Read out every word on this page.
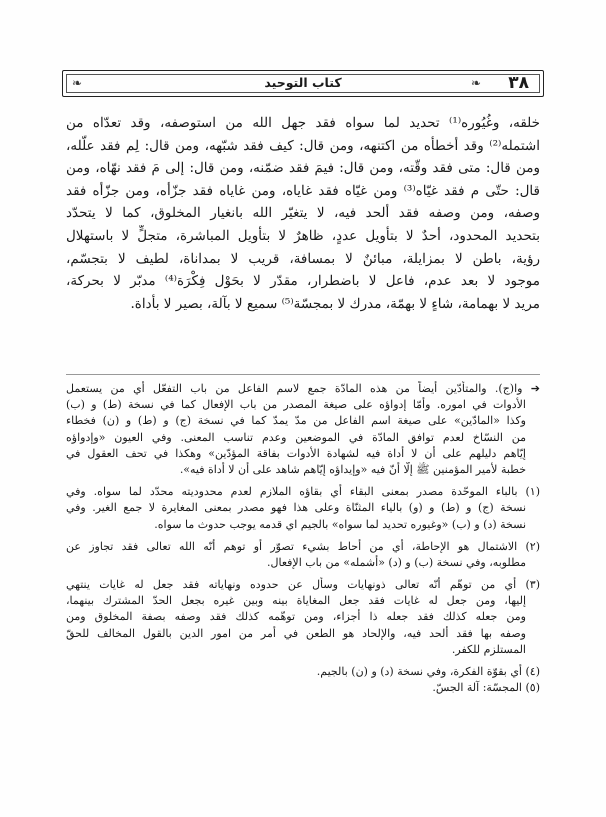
❧	❧
كتاب التوحيد	٣٨
خلقه، وغُيُوره⁽¹⁾ تحديد لما سواه فقد جهل الله من استوصفه، وقد تعدّاه من
اشتمله⁽²⁾ وقد أخطأه من اكتنهه، ومن قال: كيف فقد شبّهه، ومن قال: لِم فقد علّله،
ومن قال: متى فقد وقّته، ومن قال: فيمَ فقد ضمّنه، ومن قال: إلى مَ فقد نهّاه، ومن
قال: حتّى م فقد غيّاه⁽³⁾ ومن غيّاه فقد غاياه، ومن غاياه فقد جزّأه، ومن جزّأه فقد
وصفه، ومن وصفه فقد ألحد فيه، لا يتغيّر الله بانغيار المخلوق، كما لا يتحدّد
بتحديد المحدود، أحدٌ لا بتأويل عددٍ، ظاهرٌ لا بتأويل المباشرة، متجلٍّ لا باستهلال
رؤية، باطن لا بمزايلة، مبائنٌ لا بمسافة، قريب لا بمداناة، لطيف لا بتجسّم،
موجود لا بعد عدم، فاعل لا باضطرار، مقدّر لا بحَوْل فِكْرَة⁽⁴⁾ مدبّر لا بحركة،
مريد لا بهمامة، شاءٍ لا بهمّة، مدرك لا بمجسّة⁽⁵⁾ سميع لا بآلة، بصير لا بأداة.
➔ وا(ج). والمتأدّين أيضاً من هذه المادّة جمع لاسم الفاعل من باب التفعّل أي من يستعمل
الأدوات في اموره. وأمّا إدواؤه على صيغة المصدر من باب الإفعال كما في نسخة (ط) و (ب)
وكذا «المادّين» على صيغة اسم الفاعل من مدّ يمدّ كما في نسخة (ج) و (ط) و (ن) فخطاء
من النسّاخ لعدم توافق المادّة في الموضعين وعدم تناسب المعنى. وفي العيون «وإدواؤه
إيّاهم دليلهم على أن لا أداة فيه لشهادة الأدوات بفاقة المؤدّين» وهكذا في تحف العقول في
خطبة لأمير المؤمنين ﷺ إلّا أنّ فيه «وإيداؤه إيّاهم شاهد على أن لا أداة فيه».
(١) بالباء الموحّدة مصدر بمعنى البقاء أي بقاؤه الملازم لعدم محدوديته محدّد لما سواه. وفي
نسخة (ج) و (ط) و (و) بالياء المثنّاة وعلى هذا فهو مصدر بمعنى المغايرة لا جمع الغير. وفي
نسخة (د) و (ب) «وغيوره تحديد لما سواه» بالجيم اي قدمه يوجب حدوث ما سواه.
(٢) الاشتمال هو الإحاطة، أي من أحاط بشيء تصوّر أو توهم أنّه الله تعالى فقد تجاوز عن
مطلوبه، وفي نسخة (ب) و (د) «أشمله» من باب الإفعال.
(٣) أي من توهّم أنّه تعالى ذونهايات وسأل عن حدوده ونهاياته فقد جعل له غايات ينتهي
إليها، ومن جعل له غايات فقد جعل المغاياة بينه وبين غيره بجعل الحدّ المشترك بينهما،
ومن جعله كذلك فقد جعله ذا أجزاء، ومن توهّمه كذلك فقد وصفه بصفة المخلوق ومن
وصفه بها فقد ألحد فيه، والإلحاد هو الطعن في أمر من امور الدين بالقول المخالف للحقّ
المستلزم للكفر.
(٤) أي بقوّة الفكرة، وفي نسخة (د) و (ن) بالجيم.
(٥) المجسّة: آلة الجسّ.
